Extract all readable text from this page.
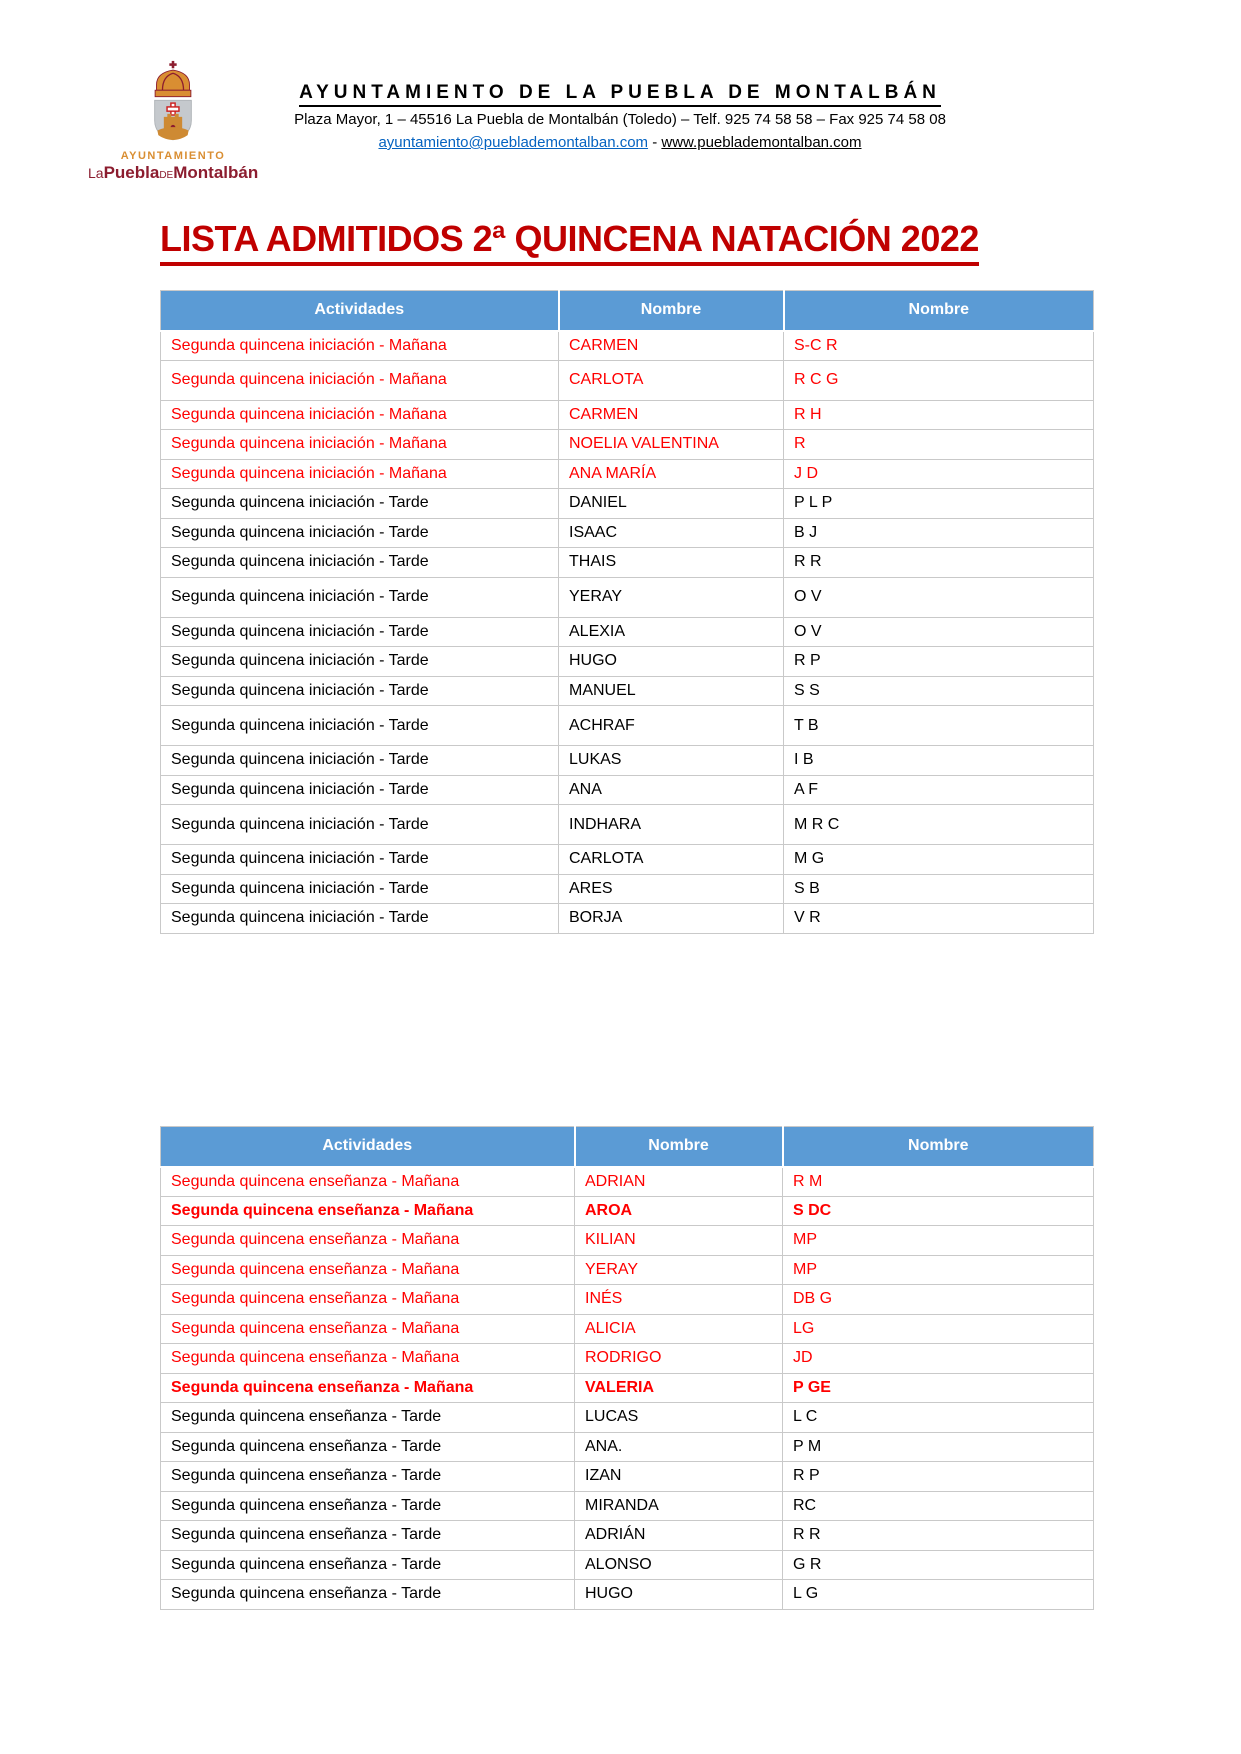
AYUNTAMIENTO
LaPueblaDEMontalbán
AYUNTAMIENTO DE LA PUEBLA DE MONTALBÁN
Plaza Mayor, 1 – 45516 La Puebla de Montalbán (Toledo) – Telf. 925 74 58 58 – Fax 925 74 58 08
ayuntamiento@pueblademontalban.com - www.pueblademontalban.com
LISTA ADMITIDOS 2ª QUINCENA NATACIÓN 2022
Actividades	Nombre	Nombre
Segunda quincena iniciación - Mañana	CARMEN	S-C R
Segunda quincena iniciación - Mañana	CARLOTA	R C G
Segunda quincena iniciación - Mañana	CARMEN	R H
Segunda quincena iniciación - Mañana	NOELIA VALENTINA	R
Segunda quincena iniciación - Mañana	ANA MARÍA	J D
Segunda quincena iniciación - Tarde	DANIEL	P L P
Segunda quincena iniciación - Tarde	ISAAC	B J
Segunda quincena iniciación - Tarde	THAIS	R R
Segunda quincena iniciación - Tarde	YERAY	O V
Segunda quincena iniciación - Tarde	ALEXIA	O V
Segunda quincena iniciación - Tarde	HUGO	R P
Segunda quincena iniciación - Tarde	MANUEL	S S
Segunda quincena iniciación - Tarde	ACHRAF	T B
Segunda quincena iniciación - Tarde	LUKAS	I B
Segunda quincena iniciación - Tarde	ANA	A F
Segunda quincena iniciación - Tarde	INDHARA	M R C
Segunda quincena iniciación - Tarde	CARLOTA	M G
Segunda quincena iniciación - Tarde	ARES	S B
Segunda quincena iniciación - Tarde	BORJA	V R
Actividades	Nombre	Nombre
Segunda quincena enseñanza - Mañana	ADRIAN	R M
Segunda quincena enseñanza - Mañana	AROA	S DC
Segunda quincena enseñanza - Mañana	KILIAN	MP
Segunda quincena enseñanza - Mañana	YERAY	MP
Segunda quincena enseñanza - Mañana	INÉS	DB G
Segunda quincena enseñanza - Mañana	ALICIA	LG
Segunda quincena enseñanza - Mañana	RODRIGO	JD
Segunda quincena enseñanza - Mañana	VALERIA	P GE
Segunda quincena enseñanza - Tarde	LUCAS	L C
Segunda quincena enseñanza - Tarde	ANA.	P M
Segunda quincena enseñanza - Tarde	IZAN	R P
Segunda quincena enseñanza - Tarde	MIRANDA	RC
Segunda quincena enseñanza - Tarde	ADRIÁN	R R
Segunda quincena enseñanza - Tarde	ALONSO	G R
Segunda quincena enseñanza - Tarde	HUGO	L G
